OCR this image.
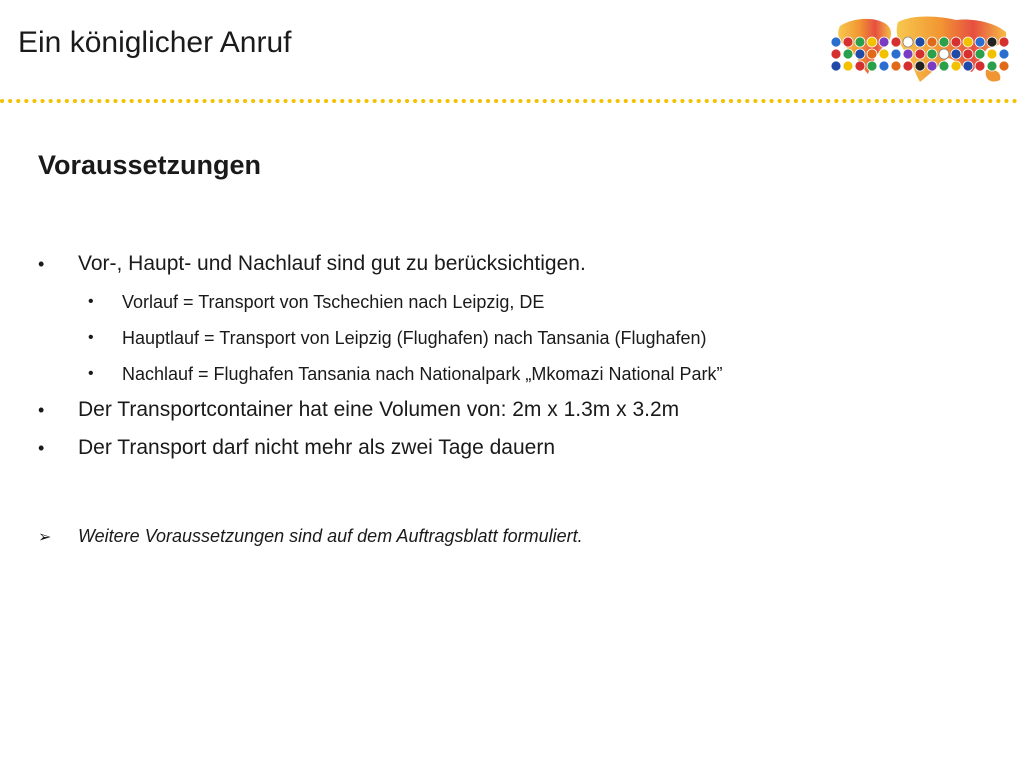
Ein königlicher Anruf
Voraussetzungen
• Vor-, Haupt- und Nachlauf sind gut zu berücksichtigen.
• Vorlauf = Transport von Tschechien nach Leipzig, DE
• Hauptlauf = Transport von Leipzig (Flughafen) nach Tansania (Flughafen)
• Nachlauf = Flughafen Tansania nach Nationalpark „Mkomazi National Park”
• Der Transportcontainer hat eine Volumen von: 2m x 1.3m x 3.2m
• Der Transport darf nicht mehr als zwei Tage dauern
➢ Weitere Voraussetzungen sind auf dem Auftragsblatt formuliert.
